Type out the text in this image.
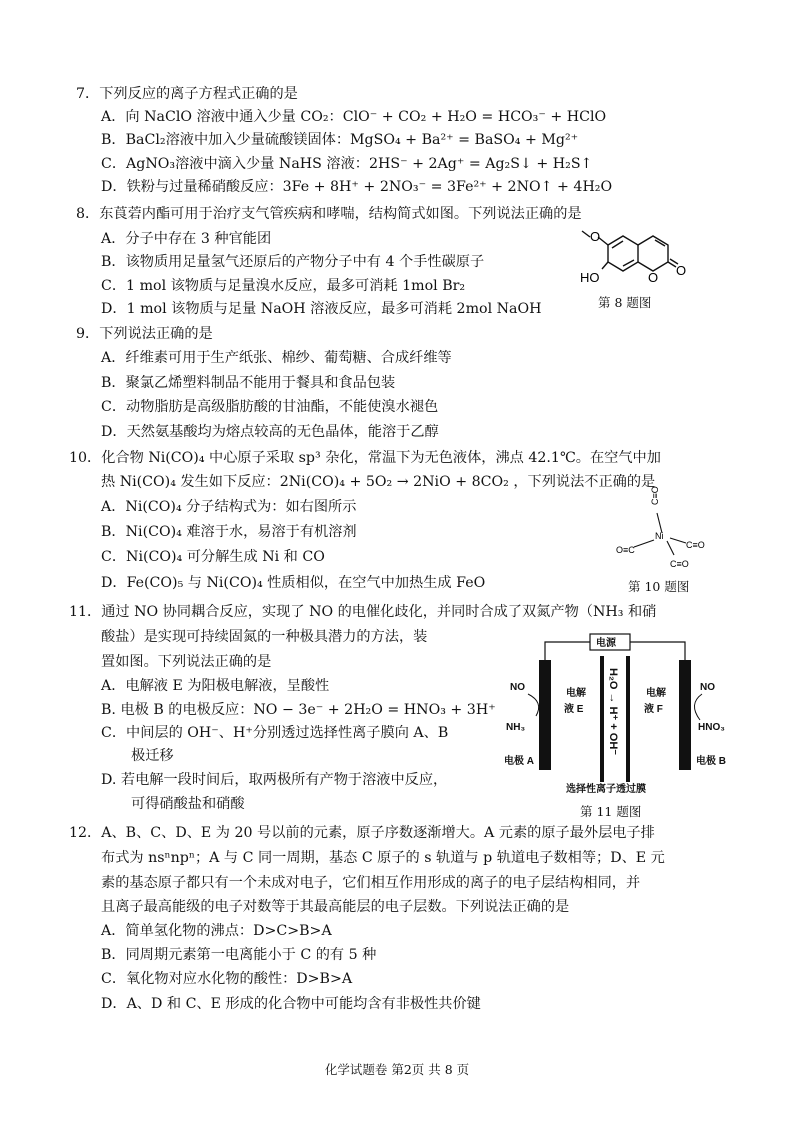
7．下列反应的离子方程式正确的是
A．向 NaClO 溶液中通入少量 CO₂：ClO⁻ + CO₂ + H₂O = HCO₃⁻ + HClO
B．BaCl₂溶液中加入少量硫酸镁固体：MgSO₄ + Ba²⁺ = BaSO₄ + Mg²⁺
C．AgNO₃溶液中滴入少量 NaHS 溶液：2HS⁻ + 2Ag⁺ = Ag₂S↓ + H₂S↑
D．铁粉与过量稀硝酸反应：3Fe + 8H⁺ + 2NO₃⁻ = 3Fe²⁺ + 2NO↑ + 4H₂O
8．东莨菪内酯可用于治疗支气管疾病和哮喘，结构简式如图。下列说法正确的是
A．分子中存在 3 种官能团
B．该物质用足量氢气还原后的产物分子中有 4 个手性碳原子
C．1 mol 该物质与足量溴水反应，最多可消耗 1mol Br₂
D．1 mol 该物质与足量 NaOH 溶液反应，最多可消耗 2mol NaOH
O
HO	O O
第 8 题图
9．下列说法正确的是
A．纤维素可用于生产纸张、棉纱、葡萄糖、合成纤维等
B．聚氯乙烯塑料制品不能用于餐具和食品包装
C．动物脂肪是高级脂肪酸的甘油酯，不能使溴水褪色
D．天然氨基酸均为熔点较高的无色晶体，能溶于乙醇
10．化合物 Ni(CO)₄ 中心原子采取 sp³ 杂化，常温下为无色液体，沸点 42.1℃。在空气中加
热 Ni(CO)₄ 发生如下反应：2Ni(CO)₄ + 5O₂ → 2NiO + 8CO₂ ，下列说法不正确的是
A．Ni(CO)₄ 分子结构式为：如右图所示
B．Ni(CO)₄ 难溶于水，易溶于有机溶剂
C．Ni(CO)₄ 可分解生成 Ni 和 CO
D．Fe(CO)₅ 与 Ni(CO)₄ 性质相似，在空气中加热生成 FeO
C≡O
Ni
O≡C	C≡O
C≡O
第 10 题图
11．通过 NO 协同耦合反应，实现了 NO 的电催化歧化，并同时合成了双氮产物（NH₃ 和硝
酸盐）是实现可持续固氮的一种极具潜力的方法，装
置如图。下列说法正确的是
A．电解液 E 为阳极电解液，呈酸性
B. 电极 B 的电极反应：NO − 3e⁻ + 2H₂O = HNO₃ + 3H⁺
C．中间层的 OH⁻、H⁺分别透过选择性离子膜向 A、B
极迁移
D. 若电解一段时间后，取两极所有产物于溶液中反应，
可得硝酸盐和硝酸
电源
NO
NH₃
电解
液 E H₂O → H⁺ + OH⁻	电解
液 F
NO
HNO₃
电极 A	电极 B
选择性离子透过膜
第 11 题图
12．A、B、C、D、E 为 20 号以前的元素，原子序数逐渐增大。A 元素的原子最外层电子排
布式为 nsⁿnpⁿ；A 与 C 同一周期，基态 C 原子的 s 轨道与 p 轨道电子数相等；D、E 元
素的基态原子都只有一个未成对电子，它们相互作用形成的离子的电子层结构相同，并
且离子最高能级的电子对数等于其最高能层的电子层数。下列说法正确的是
A．简单氢化物的沸点：D>C>B>A
B．同周期元素第一电离能小于 C 的有 5 种
C．氧化物对应水化物的酸性：D>B>A
D．A、D 和 C、E 形成的化合物中可能均含有非极性共价键
化学试题卷 第2页 共 8 页
